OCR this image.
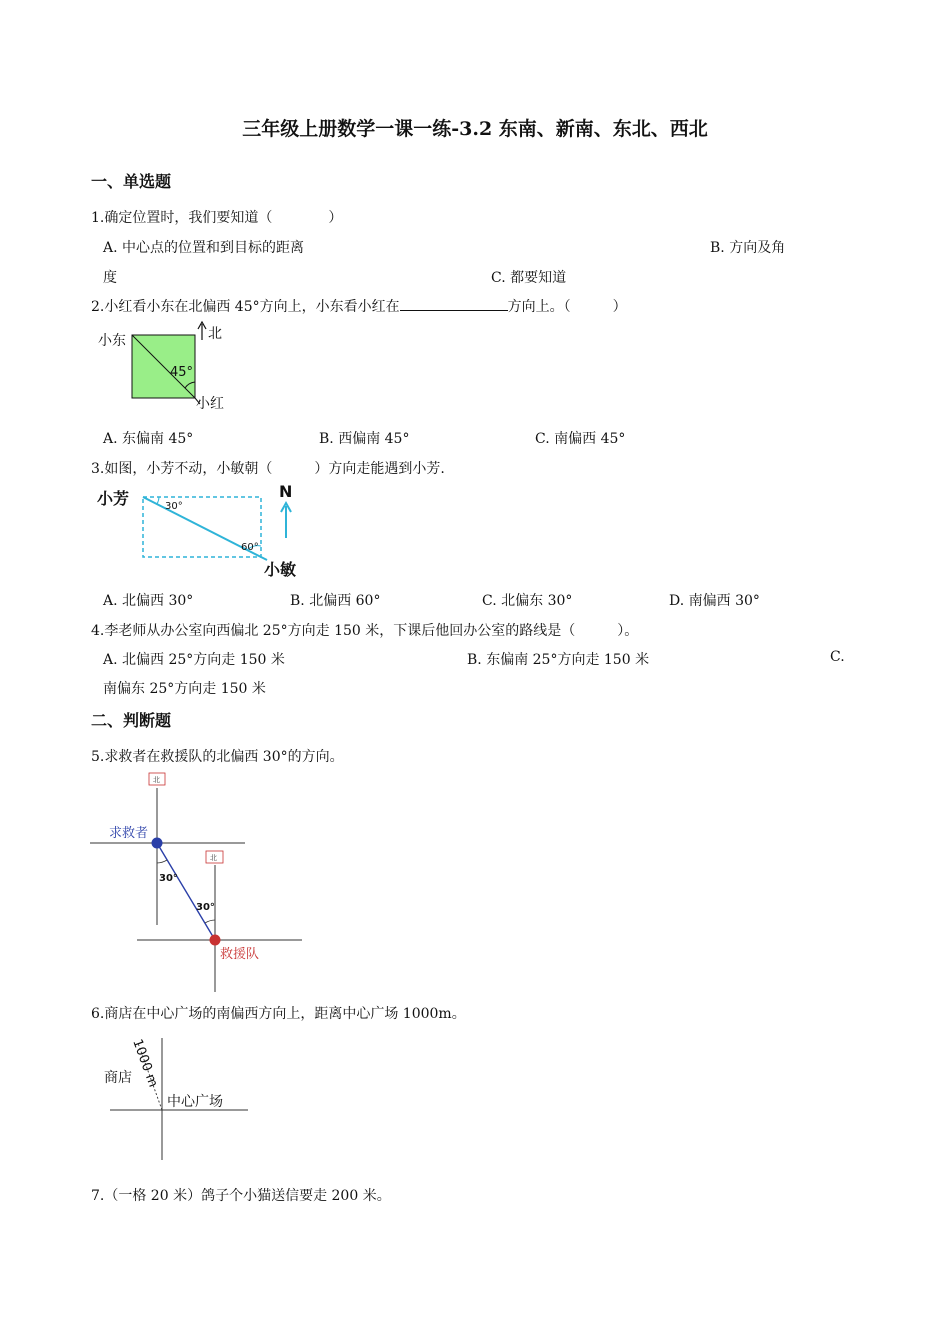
三年级上册数学一课一练-3.2 东南、新南、东北、西北
一、单选题
1.确定位置时，我们要知道（　　　　）
A. 中心点的位置和到目标的距离	B. 方向及角
度	C. 都要知道
2.小红看小东在北偏西 45°方向上，小东看小红在	方向上。（　　　）
小东	北
45°
小红
A. 东偏南 45°	B. 西偏南 45°	C. 南偏西 45°
3.如图，小芳不动，小敏朝（　　　）方向走能遇到小芳.
小芳
小敏
N
30°
60°
A. 北偏西 30°	B. 北偏西 60°	C. 北偏东 30°	D. 南偏西 30°
4.李老师从办公室向西偏北 25°方向走 150 米，下课后他回办公室的路线是（　　　）。
A. 北偏西 25°方向走 150 米	B. 东偏南 25°方向走 150 米	C.
南偏东 25°方向走 150 米
二、判断题
5.求救者在救援队的北偏西 30°的方向。
北
北
30°
30°
求救者
救援队
6.商店在中心广场的南偏西方向上，距离中心广场 1000m。
商店
1000 m
中心广场
7.（一格 20 米）鸽子个小猫送信要走 200 米。
